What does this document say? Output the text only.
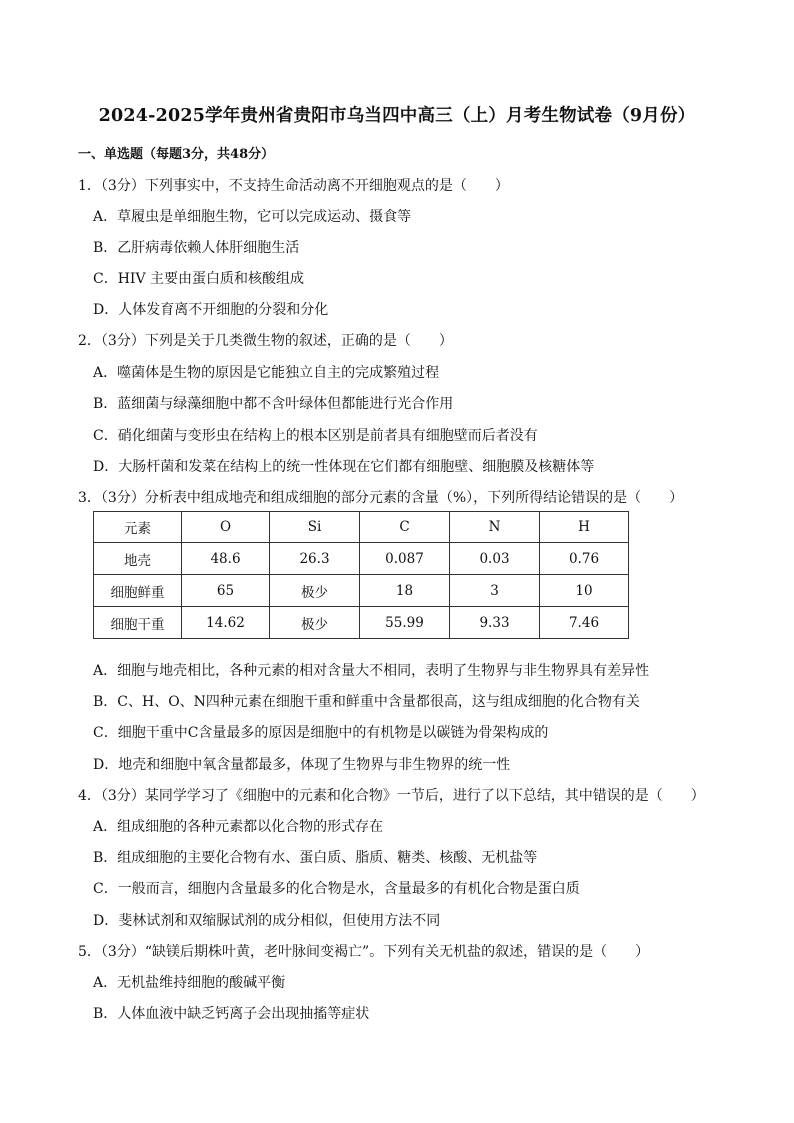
2024-2025学年贵州省贵阳市乌当四中高三（上）月考生物试卷（9月份）
一、单选题（每题3分，共48分）
1．（3分）下列事实中，不支持生命活动离不开细胞观点的是（　　）
A．草履虫是单细胞生物，它可以完成运动、摄食等
B．乙肝病毒依赖人体肝细胞生活
C．HIV 主要由蛋白质和核酸组成
D．人体发育离不开细胞的分裂和分化
2．（3分）下列是关于几类微生物的叙述，正确的是（　　）
A．噬菌体是生物的原因是它能独立自主的完成繁殖过程
B．蓝细菌与绿藻细胞中都不含叶绿体但都能进行光合作用
C．硝化细菌与变形虫在结构上的根本区别是前者具有细胞壁而后者没有
D．大肠杆菌和发菜在结构上的统一性体现在它们都有细胞壁、细胞膜及核糖体等
3．（3分）分析表中组成地壳和组成细胞的部分元素的含量（%），下列所得结论错误的是（　　）
元素	O	Si	C	N	H
地壳	48.6	26.3	0.087	0.03	0.76
细胞鲜重	65	极少	18	3	10
细胞干重	14.62	极少	55.99	9.33	7.46
A．细胞与地壳相比，各种元素的相对含量大不相同，表明了生物界与非生物界具有差异性
B．C、H、O、N四种元素在细胞干重和鲜重中含量都很高，这与组成细胞的化合物有关
C．细胞干重中C含量最多的原因是细胞中的有机物是以碳链为骨架构成的
D．地壳和细胞中氧含量都最多，体现了生物界与非生物界的统一性
4．（3分）某同学学习了《细胞中的元素和化合物》一节后，进行了以下总结，其中错误的是（　　）
A．组成细胞的各种元素都以化合物的形式存在
B．组成细胞的主要化合物有水、蛋白质、脂质、糖类、核酸、无机盐等
C．一般而言，细胞内含量最多的化合物是水，含量最多的有机化合物是蛋白质
D．斐林试剂和双缩脲试剂的成分相似，但使用方法不同
5．（3分）“缺镁后期株叶黄，老叶脉间变褐亡”。下列有关无机盐的叙述，错误的是（　　）
A．无机盐维持细胞的酸碱平衡
B．人体血液中缺乏钙离子会出现抽搐等症状
